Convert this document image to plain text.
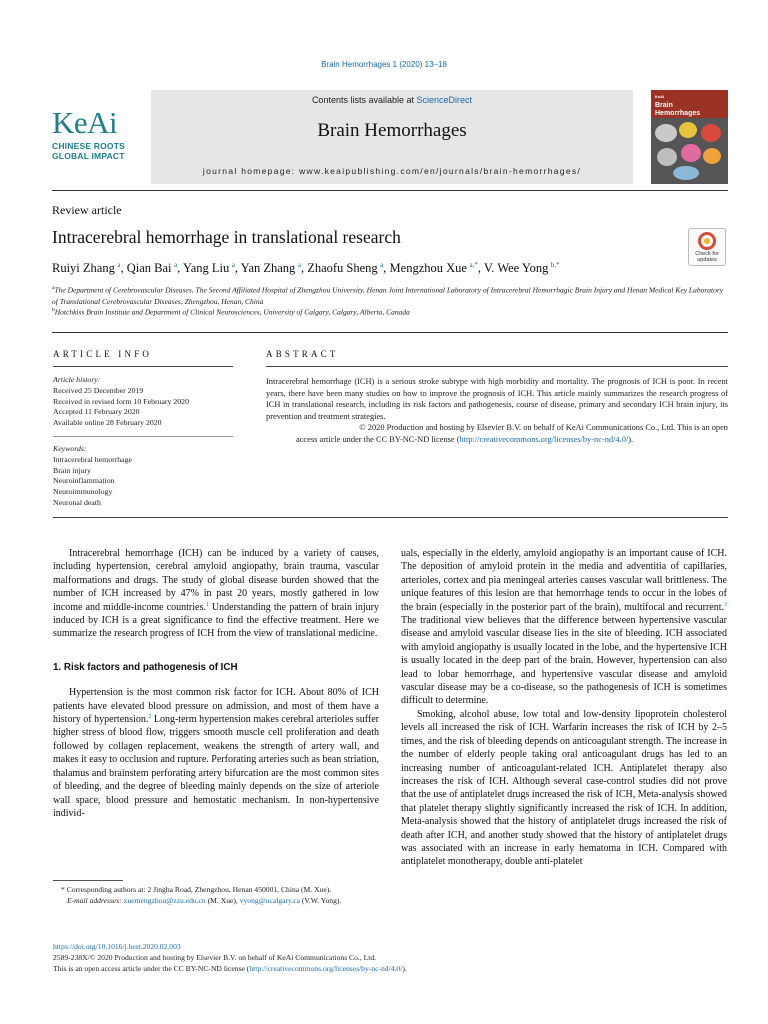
Brain Hemorrhages 1 (2020) 13–18
KeAi
CHINESE ROOTS
GLOBAL IMPACT
Contents lists available at ScienceDirect
Brain Hemorrhages
journal homepage: www.keaipublishing.com/en/journals/brain-hemorrhages/
KeAi
Brain
Hemorrhages
Review article
Intracerebral hemorrhage in translational research
Check for
updates
Ruiyi Zhang  $^a$, Qian Bai  $^a$, Yang Liu  $^a$, Yan Zhang  $^a$, Zhaofu Sheng  $^a$, Mengzhou Xue  $^{a,*}$, V. Wee Yong  $^{b,*}$
$^a$The Department of Cerebrovascular Diseases, The Second Affiliated Hospital of Zhengzhou University, Henan Joint International Laboratory of Intracerebral Hemorrhagic Brain Injury and Henan Medical Key Laboratory of Translational Cerebrovascular Diseases, Zhengzhou, Henan, China
$^b$Hotchkiss Brain Institute and Department of Clinical Neurosciences, University of Calgary, Calgary, Alberta, Canada
ARTICLE INFO	ABSTRACT
Article history:
Received 25 December 2019
Received in revised form 10 February 2020
Accepted 11 February 2020
Available online 28 February 2020
Keywords:
Intracerebral hemorrhage
Brain injury
Neuroinflammation
Neuroimmunology
Neuronal death
Intracerebral hemorrhage (ICH) is a serious stroke subtype with high morbidity and mortality. The prognosis of ICH is poor. In recent years, there have been many studies on how to improve the prognosis of ICH. This article mainly summarizes the research progress of ICH in translational research, including its risk factors and pathogenesis, course of disease, primary and secondary ICH brain injury, its prevention and treatment strategies.
© 2020 Production and hosting by Elsevier B.V. on behalf of KeAi Communications Co., Ltd. This is an open
access article under the CC BY-NC-ND license (http://creativecommons.org/licenses/by-nc-nd/4.0/).

Intracerebral hemorrhage (ICH) can be induced by a variety of causes, including hypertension, cerebral amyloid angiopathy, brain trauma, vascular malformations and drugs. The study of global disease burden showed that the number of ICH increased by 47% in past 20 years, mostly gathered in low income and middle-income countries.$^1$ Understanding the pattern of brain injury induced by ICH is a great significance to find the effective treatment. Here we summarize the research progress of ICH from the view of translational medicine.

1. Risk factors and pathogenesis of ICH

Hypertension is the most common risk factor for ICH. About 80% of ICH patients have elevated blood pressure on admission, and most of them have a history of hypertension.$^2$ Long-term hypertension makes cerebral arterioles suffer higher stress of blood flow, triggers smooth muscle cell proliferation and death followed by collagen replacement, weakens the strength of artery wall, and makes it easy to occlusion and rupture. Perforating arteries such as bean striation, thalamus and brainstem perforating artery bifurcation are the most common sites of bleeding, and the degree of bleeding mainly depends on the size of arteriole wall space, blood pressure and hemostatic mechanism. In non-hypertensive individ-

uals, especially in the elderly, amyloid angiopathy is an important cause of ICH. The deposition of amyloid protein in the media and adventitia of capillaries, arterioles, cortex and pia meningeal arteries causes vascular wall brittleness. The unique features of this lesion are that hemorrhage tends to occur in the lobes of the brain (especially in the posterior part of the brain), multifocal and recurrent.$^3$ The traditional view believes that the difference between hypertensive vascular disease and amyloid vascular disease lies in the site of bleeding. ICH associated with amyloid angiopathy is usually located in the lobe, and the hypertensive ICH is usually located in the deep part of the brain. However, hypertension can also lead to lobar hemorrhage, and hypertensive vascular disease and amyloid vascular disease may be a co-disease, so the pathogenesis of ICH is sometimes difficult to determine.

Smoking, alcohol abuse, low total and low-density lipoprotein cholesterol levels all increased the risk of ICH. Warfarin increases the risk of ICH by 2–5 times, and the risk of bleeding depends on anticoagulant strength. The increase in the number of elderly people taking oral anticoagulant drugs has led to an increasing number of anticoagulant-related ICH. Antiplatelet therapy also increases the risk of ICH. Although several case-control studies did not prove that the use of antiplatelet drugs increased the risk of ICH, Meta-analysis showed that platelet therapy slightly significantly increased the risk of ICH. In addition, Meta-analysis showed that the history of antiplatelet drugs increased the risk of death after ICH, and another study showed that the history of antiplatelet drugs was associated with an increase in early hematoma in ICH. Compared with antiplatelet monotherapy, double anti-platelet

* Corresponding authors at: 2 Jingba Road, Zhengzhou, Henan 450001, China (M. Xue).
E-mail addresses: xuemengzhou@zzu.edu.cn (M. Xue), vyong@ucalgary.ca (V.W. Yong).
https://doi.org/10.1016/j.hest.2020.02.003
2589-238X/© 2020 Production and hosting by Elsevier B.V. on behalf of KeAi Communications Co., Ltd.
This is an open access article under the CC BY-NC-ND license (http://creativecommons.org/licenses/by-nc-nd/4.0/).
